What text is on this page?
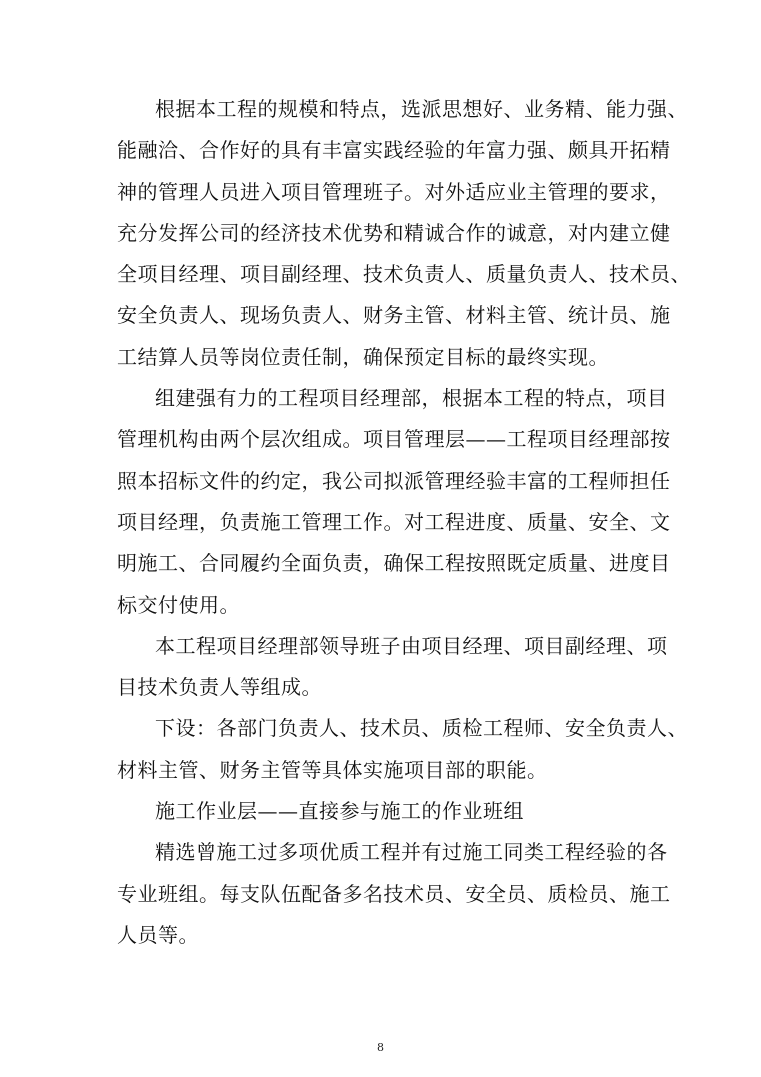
根据本工程的规模和特点，选派思想好、业务精、能力强、
能融洽、合作好的具有丰富实践经验的年富力强、颇具开拓精
神的管理人员进入项目管理班子。对外适应业主管理的要求，
充分发挥公司的经济技术优势和精诚合作的诚意，对内建立健
全项目经理、项目副经理、技术负责人、质量负责人、技术员、
安全负责人、现场负责人、财务主管、材料主管、统计员、施
工结算人员等岗位责任制，确保预定目标的最终实现。
组建强有力的工程项目经理部，根据本工程的特点，项目
管理机构由两个层次组成。项目管理层——工程项目经理部按
照本招标文件的约定，我公司拟派管理经验丰富的工程师担任
项目经理，负责施工管理工作。对工程进度、质量、安全、文
明施工、合同履约全面负责，确保工程按照既定质量、进度目
标交付使用。
本工程项目经理部领导班子由项目经理、项目副经理、项
目技术负责人等组成。
下设：各部门负责人、技术员、质检工程师、安全负责人、
材料主管、财务主管等具体实施项目部的职能。
施工作业层——直接参与施工的作业班组
精选曾施工过多项优质工程并有过施工同类工程经验的各
专业班组。每支队伍配备多名技术员、安全员、质检员、施工
人员等。
8
